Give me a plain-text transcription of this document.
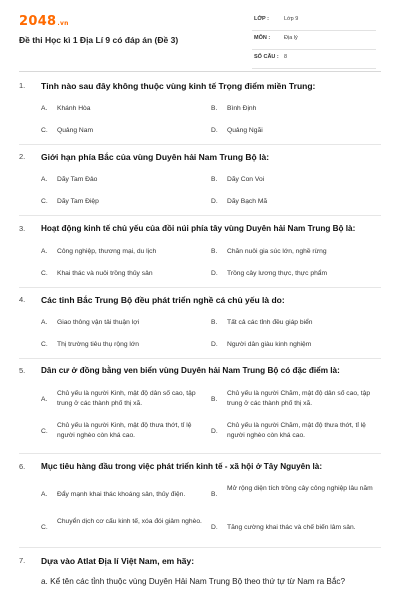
2048.vn
Đề thi Học kì 1 Địa Lí 9 có đáp án (Đề 3)
LỚP :	Lớp 9
MÔN :	Địa lý
SỐ CÂU : 8
1. Tỉnh nào sau đây không thuộc vùng kinh tế Trọng điểm miền Trung:
A. Khánh Hòa	B. Bình Định
C. Quảng Nam	D. Quảng Ngãi
2. Giới hạn phía Bắc của vùng Duyên hải Nam Trung Bộ là:
A. Dãy Tam Đảo	B. Dãy Con Voi
C. Dãy Tam Điệp	D. Dãy Bạch Mã
3. Hoạt động kinh tế chủ yếu của đồi núi phía tây vùng Duyên hải Nam Trung Bộ là:
A. Công nghiệp, thương mại, du lịch	B. Chăn nuôi gia súc lớn, nghề rừng
C. Khai thác và nuôi trồng thủy sản	D. Trồng cây lương thực, thực phẩm
4. Các tỉnh Bắc Trung Bộ đều phát triển nghề cá chủ yếu là do:
A. Giao thông vận tải thuận lợi	B. Tất cả các tỉnh đều giáp biển
C. Thị trường tiêu thụ rộng lớn	D. Người dân giàu kinh nghiệm
5. Dân cư ở đồng bằng ven biển vùng Duyên hải Nam Trung Bộ có đặc điểm là:
A.
Chủ yếu là người Kinh, mật độ dân số cao, tập trung ở các thành phố thị xã.
B.
Chủ yếu là người Chăm, mật độ dân số cao, tập trung ở các thành phố thị xã.
C.
Chủ yếu là người Kinh, mật độ thưa thớt, tỉ lệ người nghèo còn khá cao.
D.
Chủ yếu là người Chăm, mật độ thưa thớt, tỉ lệ người nghèo còn khá cao.
6. Mục tiêu hàng đầu trong việc phát triển kinh tế - xã hội ở Tây Nguyên là:
A. Đẩy mạnh khai thác khoáng sản, thủy điện.	B.
Mở rộng diện tích trồng cây công nghiệp lâu năm
C.
Chuyển dịch cơ cấu kinh tế, xóa đói giảm nghèo.
D. Tăng cường khai thác và chế biến lâm sản.
7. Dựa vào Atlat Địa lí Việt Nam, em hãy:
a. Kể tên các tỉnh thuộc vùng Duyên Hải Nam Trung Bộ theo thứ tự từ Nam ra Bắc?
